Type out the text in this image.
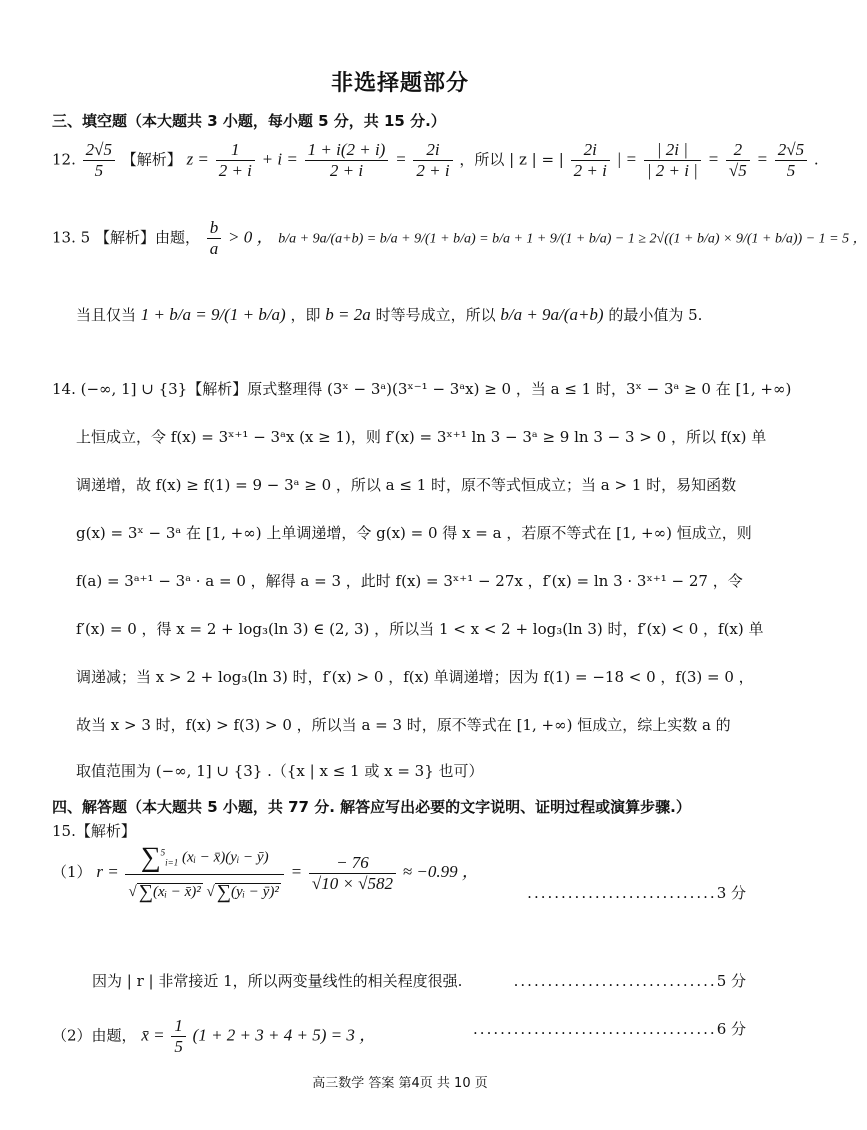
非选择题部分
三、填空题（本大题共 3 小题，每小题 5 分，共 15 分.）
12. $\frac{2√5}{5}$ 【解析】 $z = \frac{1}{2 + i} + i = \frac{1 + i(2 + i)}{2 + i} = \frac{2i}{2 + i}$ ，所以 | z | = | $\frac{2i}{2 + i}$ | = $\frac{| 2i |}{| 2 + i |} = \frac{2}{√5} = \frac{2√5}{5}$ .
13. 5 【解析】由题， $\frac{b}{a} > 0$ ， b/a + 9a/(a+b) = b/a + 9/(1 + b/a) = b/a + 1 + 9/(1 + b/a) − 1 ≥ 2√((1 + b/a) × 9/(1 + b/a)) − 1 = 5 ，
当且仅当 1 + b/a = 9/(1 + b/a) ，即 b = 2a 时等号成立，所以 b/a + 9a/(a+b) 的最小值为 5.
14. (−∞, 1] ∪ {3}【解析】原式整理得 (3ˣ − 3ᵃ)(3ˣ⁻¹ − 3ᵃx) ≥ 0 ，当 a ≤ 1 时，3ˣ − 3ᵃ ≥ 0 在 [1, +∞)
上恒成立，令 f(x) = 3ˣ⁺¹ − 3ᵃx (x ≥ 1)，则 f′(x) = 3ˣ⁺¹ ln 3 − 3ᵃ ≥ 9 ln 3 − 3 > 0 ，所以 f(x) 单
调递增，故 f(x) ≥ f(1) = 9 − 3ᵃ ≥ 0 ，所以 a ≤ 1 时，原不等式恒成立；当 a > 1 时，易知函数
g(x) = 3ˣ − 3ᵃ 在 [1, +∞) 上单调递增，令 g(x) = 0 得 x = a ，若原不等式在 [1, +∞) 恒成立，则
f(a) = 3ᵃ⁺¹ − 3ᵃ · a = 0 ，解得 a = 3 ，此时 f(x) = 3ˣ⁺¹ − 27x ，f′(x) = ln 3 · 3ˣ⁺¹ − 27 ，令
f′(x) = 0 ，得 x = 2 + log₃(ln 3) ∈ (2, 3) ，所以当 1 < x < 2 + log₃(ln 3) 时，f′(x) < 0 ，f(x) 单
调递减；当 x > 2 + log₃(ln 3) 时，f′(x) > 0 ，f(x) 单调递增；因为 f(1) = −18 < 0 ，f(3) = 0 ，
故当 x > 3 时，f(x) > f(3) > 0 ，所以当 a = 3 时，原不等式在 [1, +∞) 恒成立，综上实数 a 的
取值范围为 (−∞, 1] ∪ {3} .（{x | x ≤ 1 或 x = 3} 也可）
四、解答题（本大题共 5 小题，共 77 分. 解答应写出必要的文字说明、证明过程或演算步骤.）
15.【解析】
（1） $r = \frac{\sum^5_{i=1} (xᵢ - x̄)(yᵢ - ȳ)}{\text{√ ∑(xᵢ − x̄)² √ ∑(yᵢ − ȳ)²}} = \frac{- 76}{√10 \times √582} \approx -0.99$ ，
............................3 分
因为 | r | 非常接近 1，所以两变量线性的相关程度很强.	..............................5 分
（2）由题， x̄ = $\frac{1}{5} (1 + 2 + 3 + 4 + 5) = 3$ ，	....................................6 分
高三数学 答案 第4页 共 10 页
